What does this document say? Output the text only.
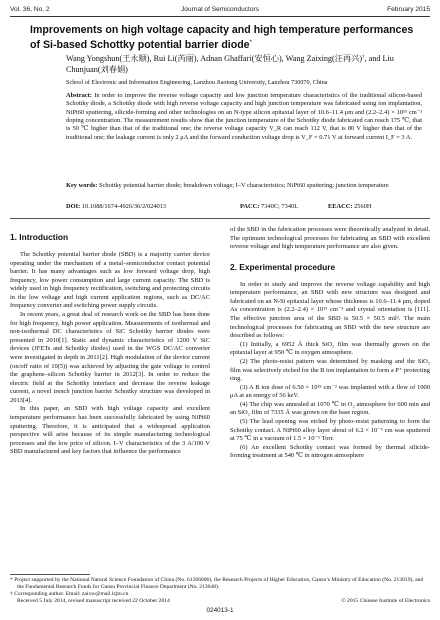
Vol. 36, No. 2	Journal of Semiconductors	February 2015
Improvements on high voltage capacity and high temperature performances of Si-based Schottky potential barrier diode*
Wang Yongshun(王永顺), Rui Li(芮丽), Adnan Ghaffari(安恒心), Wang Zaixing(汪再兴)†, and Liu Chunjuan(刘春娟)
School of Electronic and Information Engineering, Lanzhou Jiaotong University, Lanzhou 730070, China
Abstract: In order to improve the reverse voltage capacity and low junction temperature characteristics of the traditional silicon-based Schottky diode, a Schottky diode with high reverse voltage capacity and high junction temperature was fabricated using ion implantation, NiPt60 sputtering, silicide-forming and other technologies on an N-type silicon epitaxial layer of 10.6–11.4 μm and (2.2–2.4) × 10¹⁵ cm⁻³ doping concentration. The measurement results show that the junction temperature of the Schottky diode fabricated can reach 175 ℃, that is 50 ℃ higher than that of the traditional one; the reverse voltage capacity V_R can reach 112 V, that is 80 V higher than that of the traditional one; the leakage current is only 2 μA and the forward conduction voltage drop is V_F = 0.71 V at forward current I_F = 3 A.
Key words: Schottky potential barrier diode; breakdown voltage; I–V characteristics; NiPt60 sputtering; junction temperature
DOI: 10.1088/1674-4926/36/2/024013	PACC: 7340C; 7340L	EEACC: 2560H
1. Introduction

The Schottky potential barrier diode (SBD) is a majority carrier device operating under the mechanism of a metal–semiconductor contact potential barrier. It has many advantages such as low forward voltage drop, high frequency, low power consumption and large current capacity. The SBD is widely used in high frequency rectification, switching and protecting circuits in the low voltage and high current application regions, such as DC/AC frequency converter and switching power supply circuits.

In recent years, a great deal of research work on the SBD has been done for high frequency, high power application. Measurements of isothermal and non-isothermal DC characteristics of SiC Schottky barrier diodes were presented in 2010[1]. Static and dynamic characteristics of 1200 V SiC devices (JFETs and Schottky diodes) used in the WGS DC/AC converter were investigated in depth in 2011[2]. High modulation of the device current (on/off ratio of 10(5)) was achieved by adjusting the gate voltage to control the graphene–silicon Schottky barrier in 2012[3]. In order to reduce the electric field at the Schottky interface and decrease the reverse leakage current, a novel trench junction barrier Schottky structure was developed in 2013[4].

In this paper, an SBD with high voltage capacity and excellent temperature performance has been successfully fabricated by using NiPt60 sputtering. Therefore, it is anticipated that a widespread application perspective will arise because of its simple manufacturing technological processes and the low price of silicon. I–V characteristics of the 3 A/100 V SBD manufactured and key factors that influence the performance

of the SBD in the fabrication processes were theoretically analyzed in detail. The optimum technological processes for fabricating an SBD with excellent reverse voltage and high temperature performance are also given.

2. Experimental procedure

In order to study and improve the reverse voltage capability and high temperature performance, an SBD with new structure was designed and fabricated on an N-Si epitaxial layer whose thickness is 10.6–11.4 μm, doped As concentration is (2.2–2.4) × 10¹⁵ cm⁻³ and crystal orientation is [111]. The effective junction area of the SBD is 50.5 × 50.5 mil². The main technological processes for fabricating an SBD with the new structure are described as follows:

(1) Initially, a 6952 Å thick SiO₂ film was thermally grown on the epitaxial layer at 950 ℃ in oxygen atmosphere.

(2) The photo-resist pattern was determined by masking and the SiO₂ film was selectively etched for the B ion implantation to form a P⁺ protecting ring.

(3) A B ion dose of 6.50 × 10¹⁵ cm⁻² was implanted with a flow of 1000 μA at an energy of 56 keV.

(4) The chip was annealed at 1070 ℃ in O₂ atmosphere for 600 min and an SiO₂ film of 7335 Å was grown on the base region.

(5) The lead opening was etched by photo-resist patterning to form the Schottky contact. A NiPt60 alloy layer about of 6.2 × 10⁻⁶ cm was sputtered at 75 ℃ in a vacuum of 1.5 × 10⁻⁶ Torr.

(6) An excellent Schottky contact was formed by thermal silicide-forming treatment at 540 ℃ in nitrogen atmosphere

* Project supported by the National Natural Science Foundation of China (No. 61366006), the Research Projects of Higher Education, Gansu’s Ministry of Education (No. 213019), and the Fundamental Research Funds for Gansu Provincial Finance Department (No. 213048).
† Corresponding author. Email: zaixw@mail.lzjtu.cn
Received 5 July 2014, revised manuscript received 22 October 2014	© 2015 Chinese Institute of Electronics
024013-1
